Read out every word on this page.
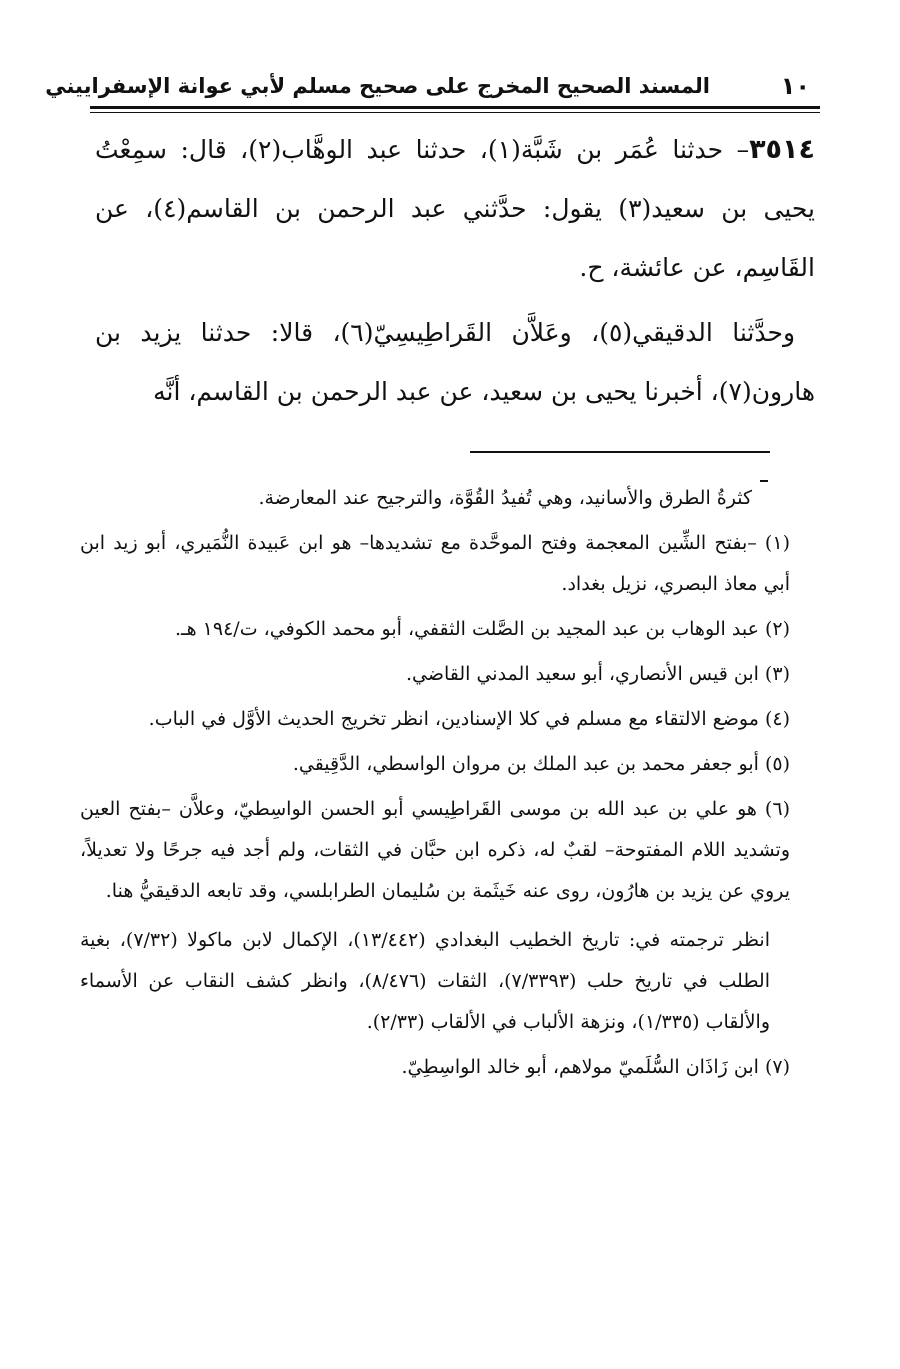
١٠
المسند الصحيح المخرج على صحيح مسلم لأبي عوانة الإسفراييني

٣٥١٤– حدثنا عُمَر بن شَبَّة(١)، حدثنا عبد الوهَّاب(٢)، قال: سمِعْتُ يحيى بن سعيد(٣) يقول: حدَّثني عبد الرحمن بن القاسم(٤)، عن القَاسِم، عن عائشة، ح.

وحدَّثنا الدقيقي(٥)، وعَلاَّن القَراطِيسِيّ(٦)، قالا: حدثنا يزيد بن هارون(٧)، أخبرنا يحيى بن سعيد، عن عبد الرحمن بن القاسم، أنَّه

كثرةُ الطرق والأسانيد، وهي تُفيدُ القُوَّة، والترجيح عند المعارضة.

(١) –بفتح الشِّين المعجمة وفتح الموحَّدة مع تشديدها– هو ابن عَبيدة النُّمَيري، أبو زيد ابن أبي معاذ البصري، نزيل بغداد.

(٢) عبد الوهاب بن عبد المجيد بن الصَّلت الثقفي، أبو محمد الكوفي، ت/١٩٤ هـ.

(٣) ابن قيس الأنصاري، أبو سعيد المدني القاضي.

(٤) موضع الالتقاء مع مسلم في كلا الإسنادين، انظر تخريج الحديث الأوَّل في الباب.

(٥) أبو جعفر محمد بن عبد الملك بن مروان الواسطي، الدَّقِيقي.

(٦) هو علي بن عبد الله بن موسى القَراطِيسي أبو الحسن الواسِطيّ، وعلاَّن –بفتح العين وتشديد اللام المفتوحة– لقبٌ له، ذكره ابن حبَّان في الثقات، ولم أجد فيه جرحًا ولا تعديلاً، يروي عن يزيد بن هارُون، روى عنه خَيثَمة بن سُليمان الطرابلسي، وقد تابعه الدقيقيُّ هنا.

انظر ترجمته في: تاريخ الخطيب البغدادي (١٣/٤٤٢)، الإكمال لابن ماكولا (٧/٣٢)، بغية الطلب في تاريخ حلب (٧/٣٣٩٣)، الثقات (٨/٤٧٦)، وانظر كشف النقاب عن الأسماء والألقاب (١/٣٣٥)، ونزهة الألباب في الألقاب (٢/٣٣).

(٧) ابن زَاذَان السُّلَميّ مولاهم، أبو خالد الواسِطِيّ.
